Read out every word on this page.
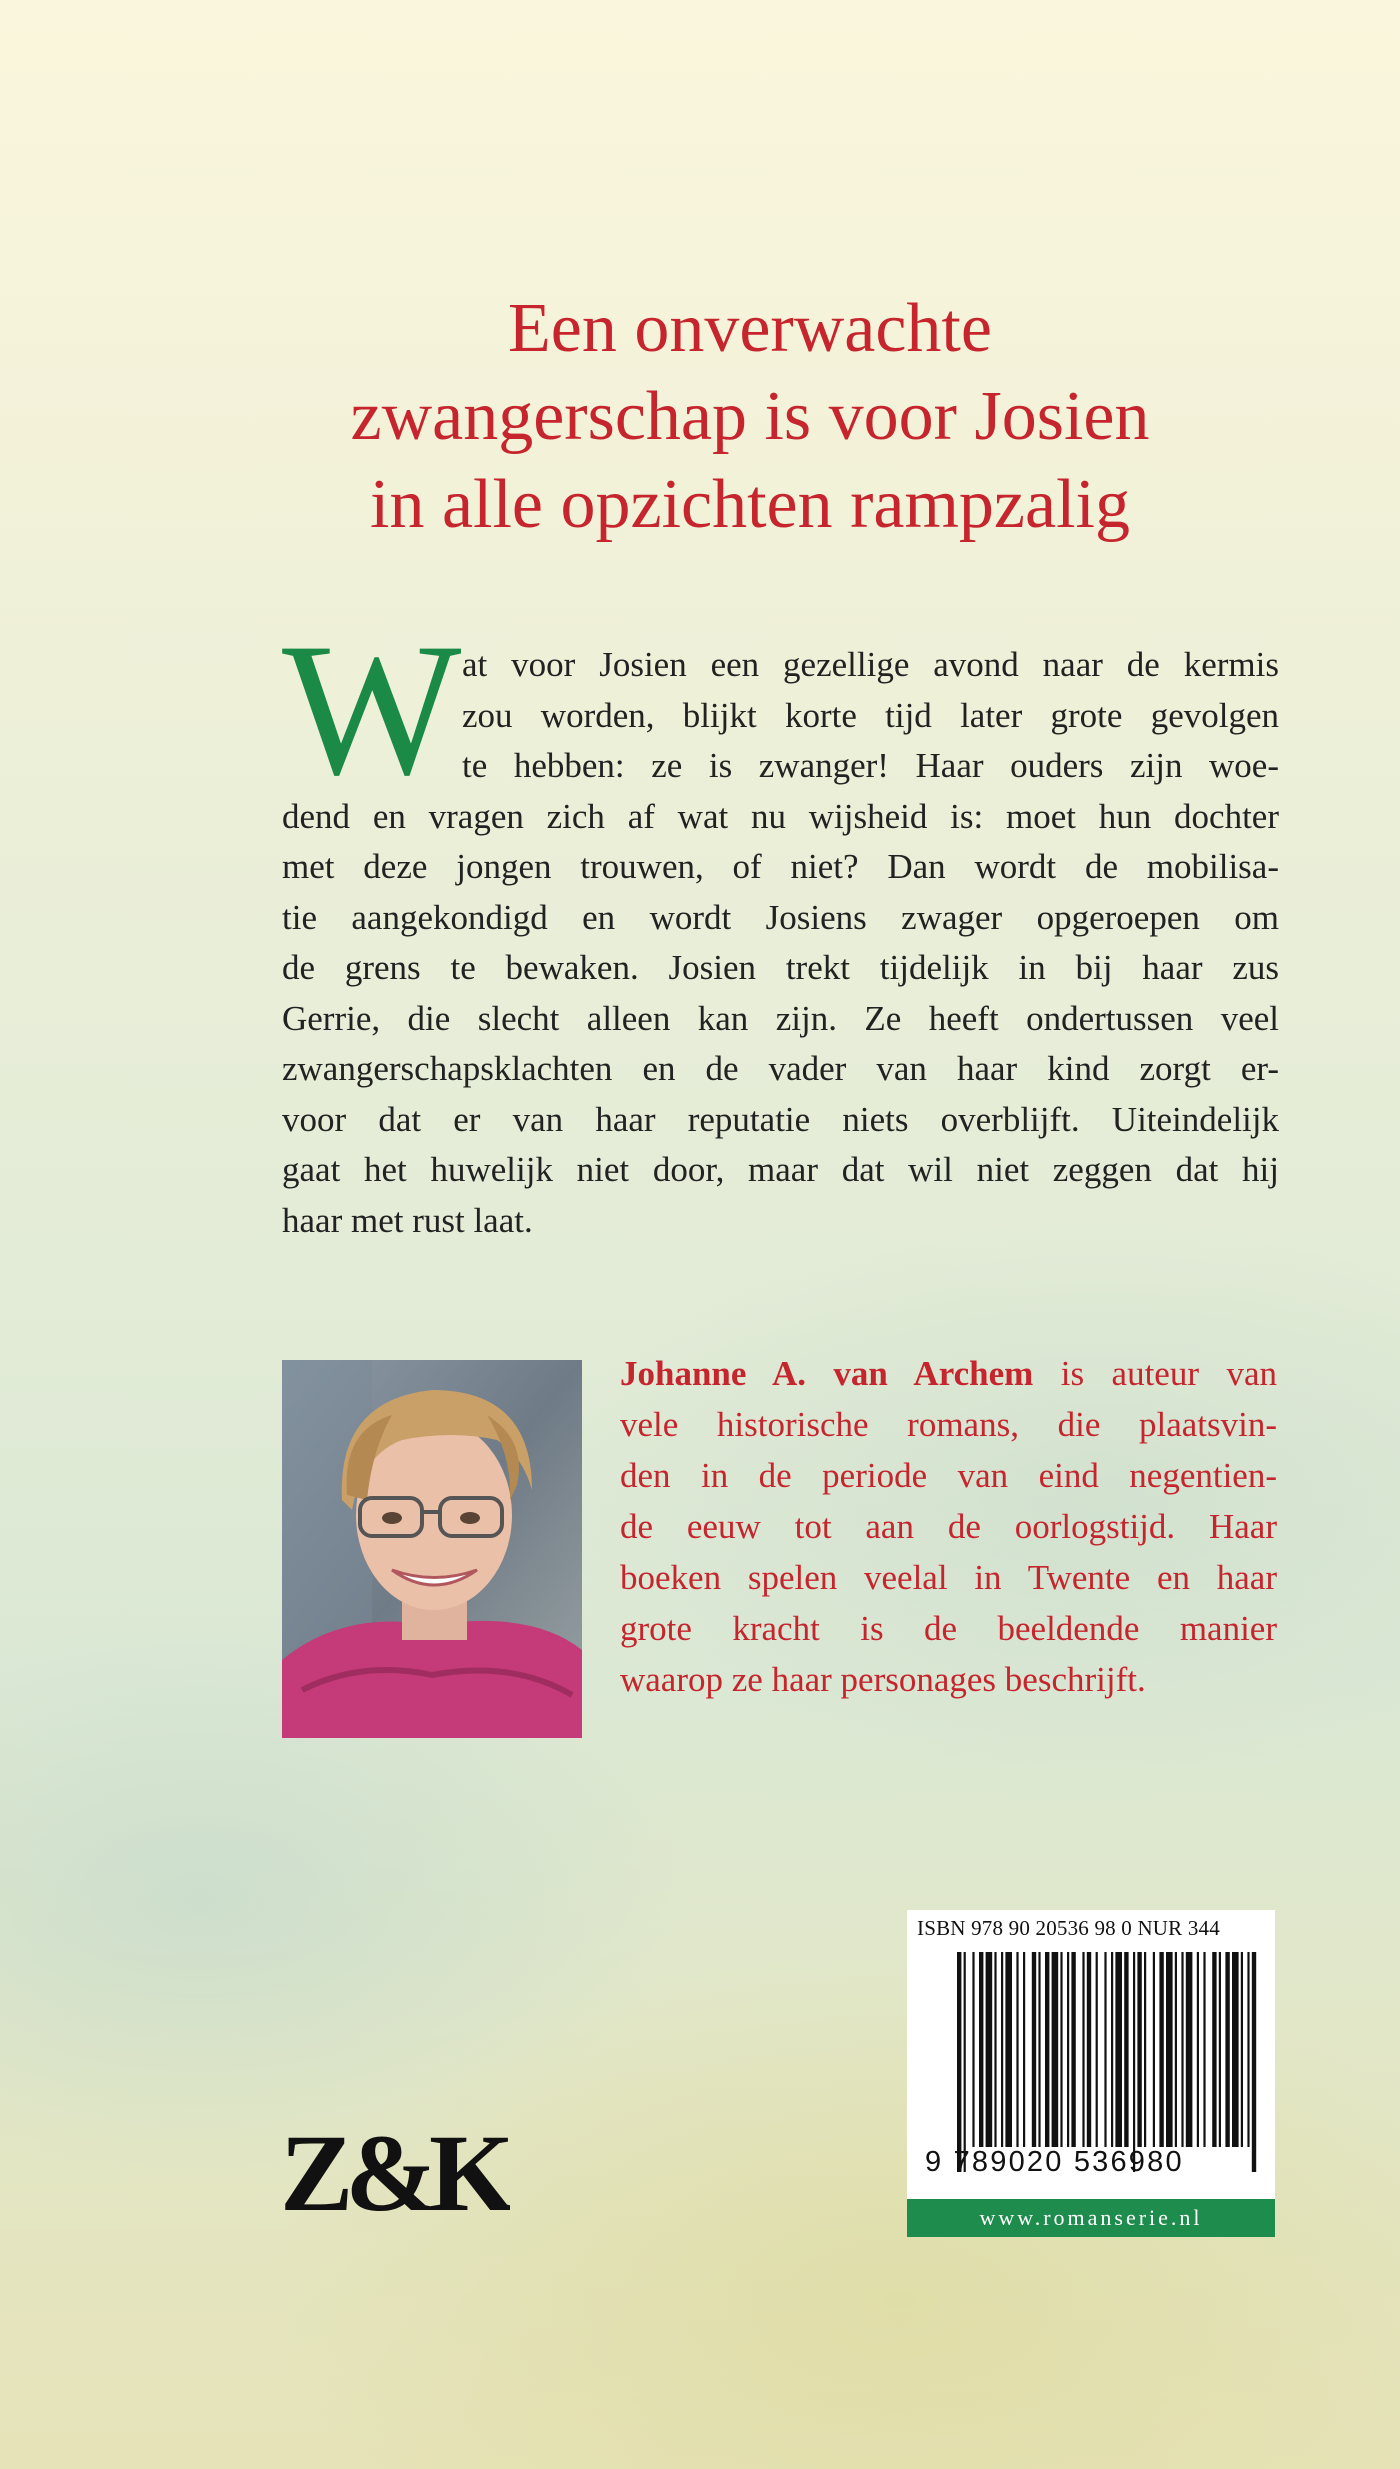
Een onverwachte
zwangerschap is voor Josien
in alle opzichten rampzalig
W at voor Josien een gezellige avond naar de kermis
zou worden, blijkt korte tijd later grote gevolgen
te hebben: ze is zwanger! Haar ouders zijn woe-
dend en vragen zich af wat nu wijsheid is: moet hun dochter
met deze jongen trouwen, of niet? Dan wordt de mobilisa-
tie aangekondigd en wordt Josiens zwager opgeroepen om
de grens te bewaken. Josien trekt tijdelijk in bij haar zus
Gerrie, die slecht alleen kan zijn. Ze heeft ondertussen veel
zwangerschapsklachten en de vader van haar kind zorgt er-
voor dat er van haar reputatie niets overblijft. Uiteindelijk
gaat het huwelijk niet door, maar dat wil niet zeggen dat hij
haar met rust laat.
Johanne A. van Archem is auteur van
vele historische romans, die plaatsvin-
den in de periode van eind negentien-
de eeuw tot aan de oorlogstijd. Haar
boeken spelen veelal in Twente en haar
grote kracht is de beeldende manier
waarop ze haar personages beschrijft.
ISBN 978 90 20536 98 0 NUR 344
9 789020 536980
www.romanserie.nl
Z&K
